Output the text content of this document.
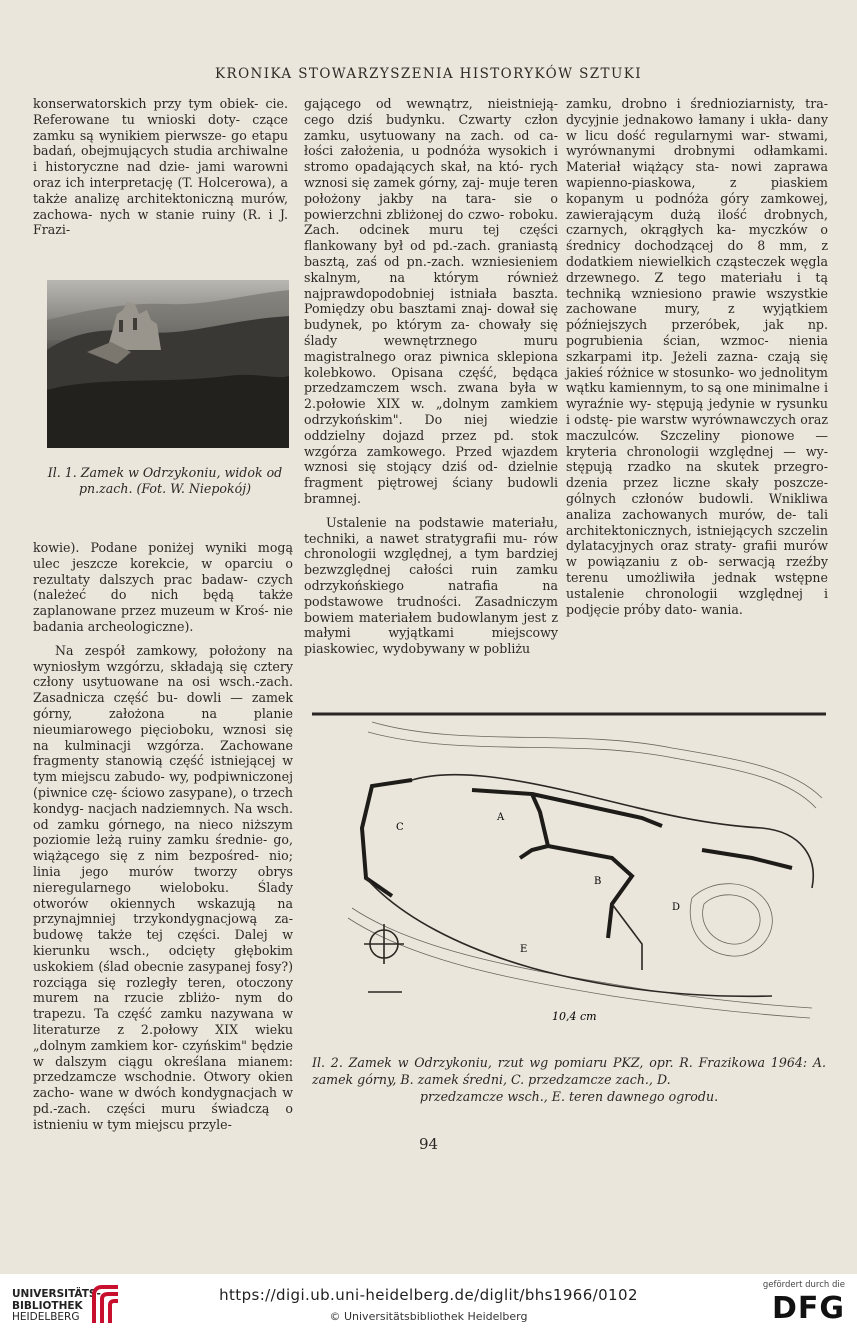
KRONIKA STOWARZYSZENIA HISTORYKÓW SZTUKI

konserwatorskich przy tym obiek- cie. Referowane tu wnioski doty- czące zamku są wynikiem pierwsze- go etapu badań, obejmujących studia archiwalne i historyczne nad dzie- jami warowni oraz ich interpretację (T. Holcerowa), a także analizę architektoniczną murów, zachowa- nych w stanie ruiny (R. i J. Frazi-

Il. 1. Zamek w Odrzykoniu, widok od pn.zach. (Fot. W. Niepokój)

kowie). Podane poniżej wyniki mogą ulec jeszcze korekcie, w oparciu o rezultaty dalszych prac badaw- czych (należeć do nich będą także zaplanowane przez muzeum w Kroś- nie badania archeologiczne).

Na zespół zamkowy, położony na wyniosłym wzgórzu, składają się cztery człony usytuowane na osi wsch.-zach. Zasadnicza część bu- dowli — zamek górny, założona na	planie nieumiarowego pięcioboku, wznosi się na kulminacji wzgórza. Zachowane fragmenty stanowią część istniejącej w tym miejscu zabudo- wy, podpiwniczonej (piwnice czę- ściowo zasypane), o trzech kondyg- nacjach nadziemnych. Na wsch. od zamku górnego, na nieco niższym poziomie leżą ruiny zamku średnie- go, wiążącego się z nim bezpośred- nio; linia jego murów tworzy obrys nieregularnego wieloboku. Ślady otworów okiennych wskazują na przynajmniej trzykondygnacjową za- budowę także tej części. Dalej w kierunku wsch., odcięty głębokim uskokiem (ślad obecnie zasypanej fosy?) rozciąga się rozległy teren, otoczony murem na rzucie zbliżo- nym do trapezu. Ta część zamku nazywana w literaturze z 2.połowy XIX wieku „dolnym zamkiem kor- czyńskim" będzie w dalszym ciągu określana mianem: przedzamcze wschodnie. Otwory okien zacho- wane w dwóch kondygnacjach w pd.-zach. części muru świadczą o istnieniu w tym miejscu przyle-

gającego od wewnątrz, nieistnieją- cego dziś budynku. Czwarty człon zamku, usytuowany na zach. od ca- łości założenia, u podnóża wysokich i stromo opadających skał, na któ- rych wznosi się zamek górny, zaj- muje teren położony jakby na tara- sie o powierzchni zbliżonej do czwo- roboku. Zach. odcinek muru tej części flankowany był od pd.-zach. graniastą basztą, zaś od pn.-zach. wzniesieniem skalnym, na którym również najprawdopodobniej istniała baszta. Pomiędzy obu basztami znaj- dował się budynek, po którym za- chowały się ślady wewnętrznego	muru magistralnego oraz piwnica sklepiona kolebkowo. Opisana część, będąca przedzamczem wsch. zwana była w 2.połowie XIX w. „dolnym zamkiem odrzykońskim". Do niej wiedzie oddzielny dojazd przez pd. stok wzgórza zamkowego. Przed wjazdem wznosi się stojący dziś od- dzielnie fragment piętrowej ściany budowli bramnej.

Ustalenie na podstawie materiału, techniki, a nawet stratygrafii mu- rów chronologii względnej, a tym bardziej bezwzględnej całości ruin zamku odrzykońskiego natrafia na podstawowe trudności. Zasadniczym bowiem materiałem budowlanym jest z małymi wyjątkami miejscowy piaskowiec, wydobywany w pobliżu

zamku, drobno i średnioziarnisty, tra- dycyjnie jednakowo łamany i ukła- dany w licu dość regularnymi war- stwami, wyrównanymi drobnymi odłamkami. Materiał wiążący sta- nowi zaprawa wapienno-piaskowa,	z piaskiem kopanym u podnóża góry zamkowej, zawierającym dużą ilość drobnych, czarnych, okrągłych ka- myczków o średnicy dochodzącej do 8 mm, z dodatkiem niewielkich cząsteczek węgla drzewnego. Z tego materiału i tą techniką wzniesiono prawie wszystkie zachowane mury, z wyjątkiem późniejszych przeróbek, jak np. pogrubienia ścian, wzmoc- nienia szkarpami itp. Jeżeli zazna- czają się jakieś różnice w stosunko- wo jednolitym wątku kamiennym, to są one minimalne i wyraźnie wy- stępują jedynie w rysunku i odstę- pie warstw wyrównawczych oraz maczulców. Szczeliny pionowe — kryteria chronologii względnej — wy- stępują rzadko na skutek przegro- dzenia przez liczne skały poszcze- gólnych członów budowli. Wnikliwa analiza zachowanych murów, de- tali architektonicznych, istniejących szczelin dylatacyjnych oraz straty- grafii murów w powiązaniu z ob- serwacją rzeźby terenu umożliwiła jednak wstępne ustalenie chronologii względnej i podjęcie próby dato- wania.

A
B
C
D
E
10,4 cm
Il. 2. Zamek w Odrzykoniu, rzut wg pomiaru PKZ, opr. R. Frazikowa 1964: A. zamek górny, B. zamek średni, C. przedzamcze zach., D.
przedzamcze wsch., E. teren dawnego ogrodu.
94
UNIVERSITÄTS-
BIBLIOTHEK
HEIDELBERG
https://digi.ub.uni-heidelberg.de/diglit/bhs1966/0102
© Universitätsbibliothek Heidelberg
gefördert durch die
DFG
